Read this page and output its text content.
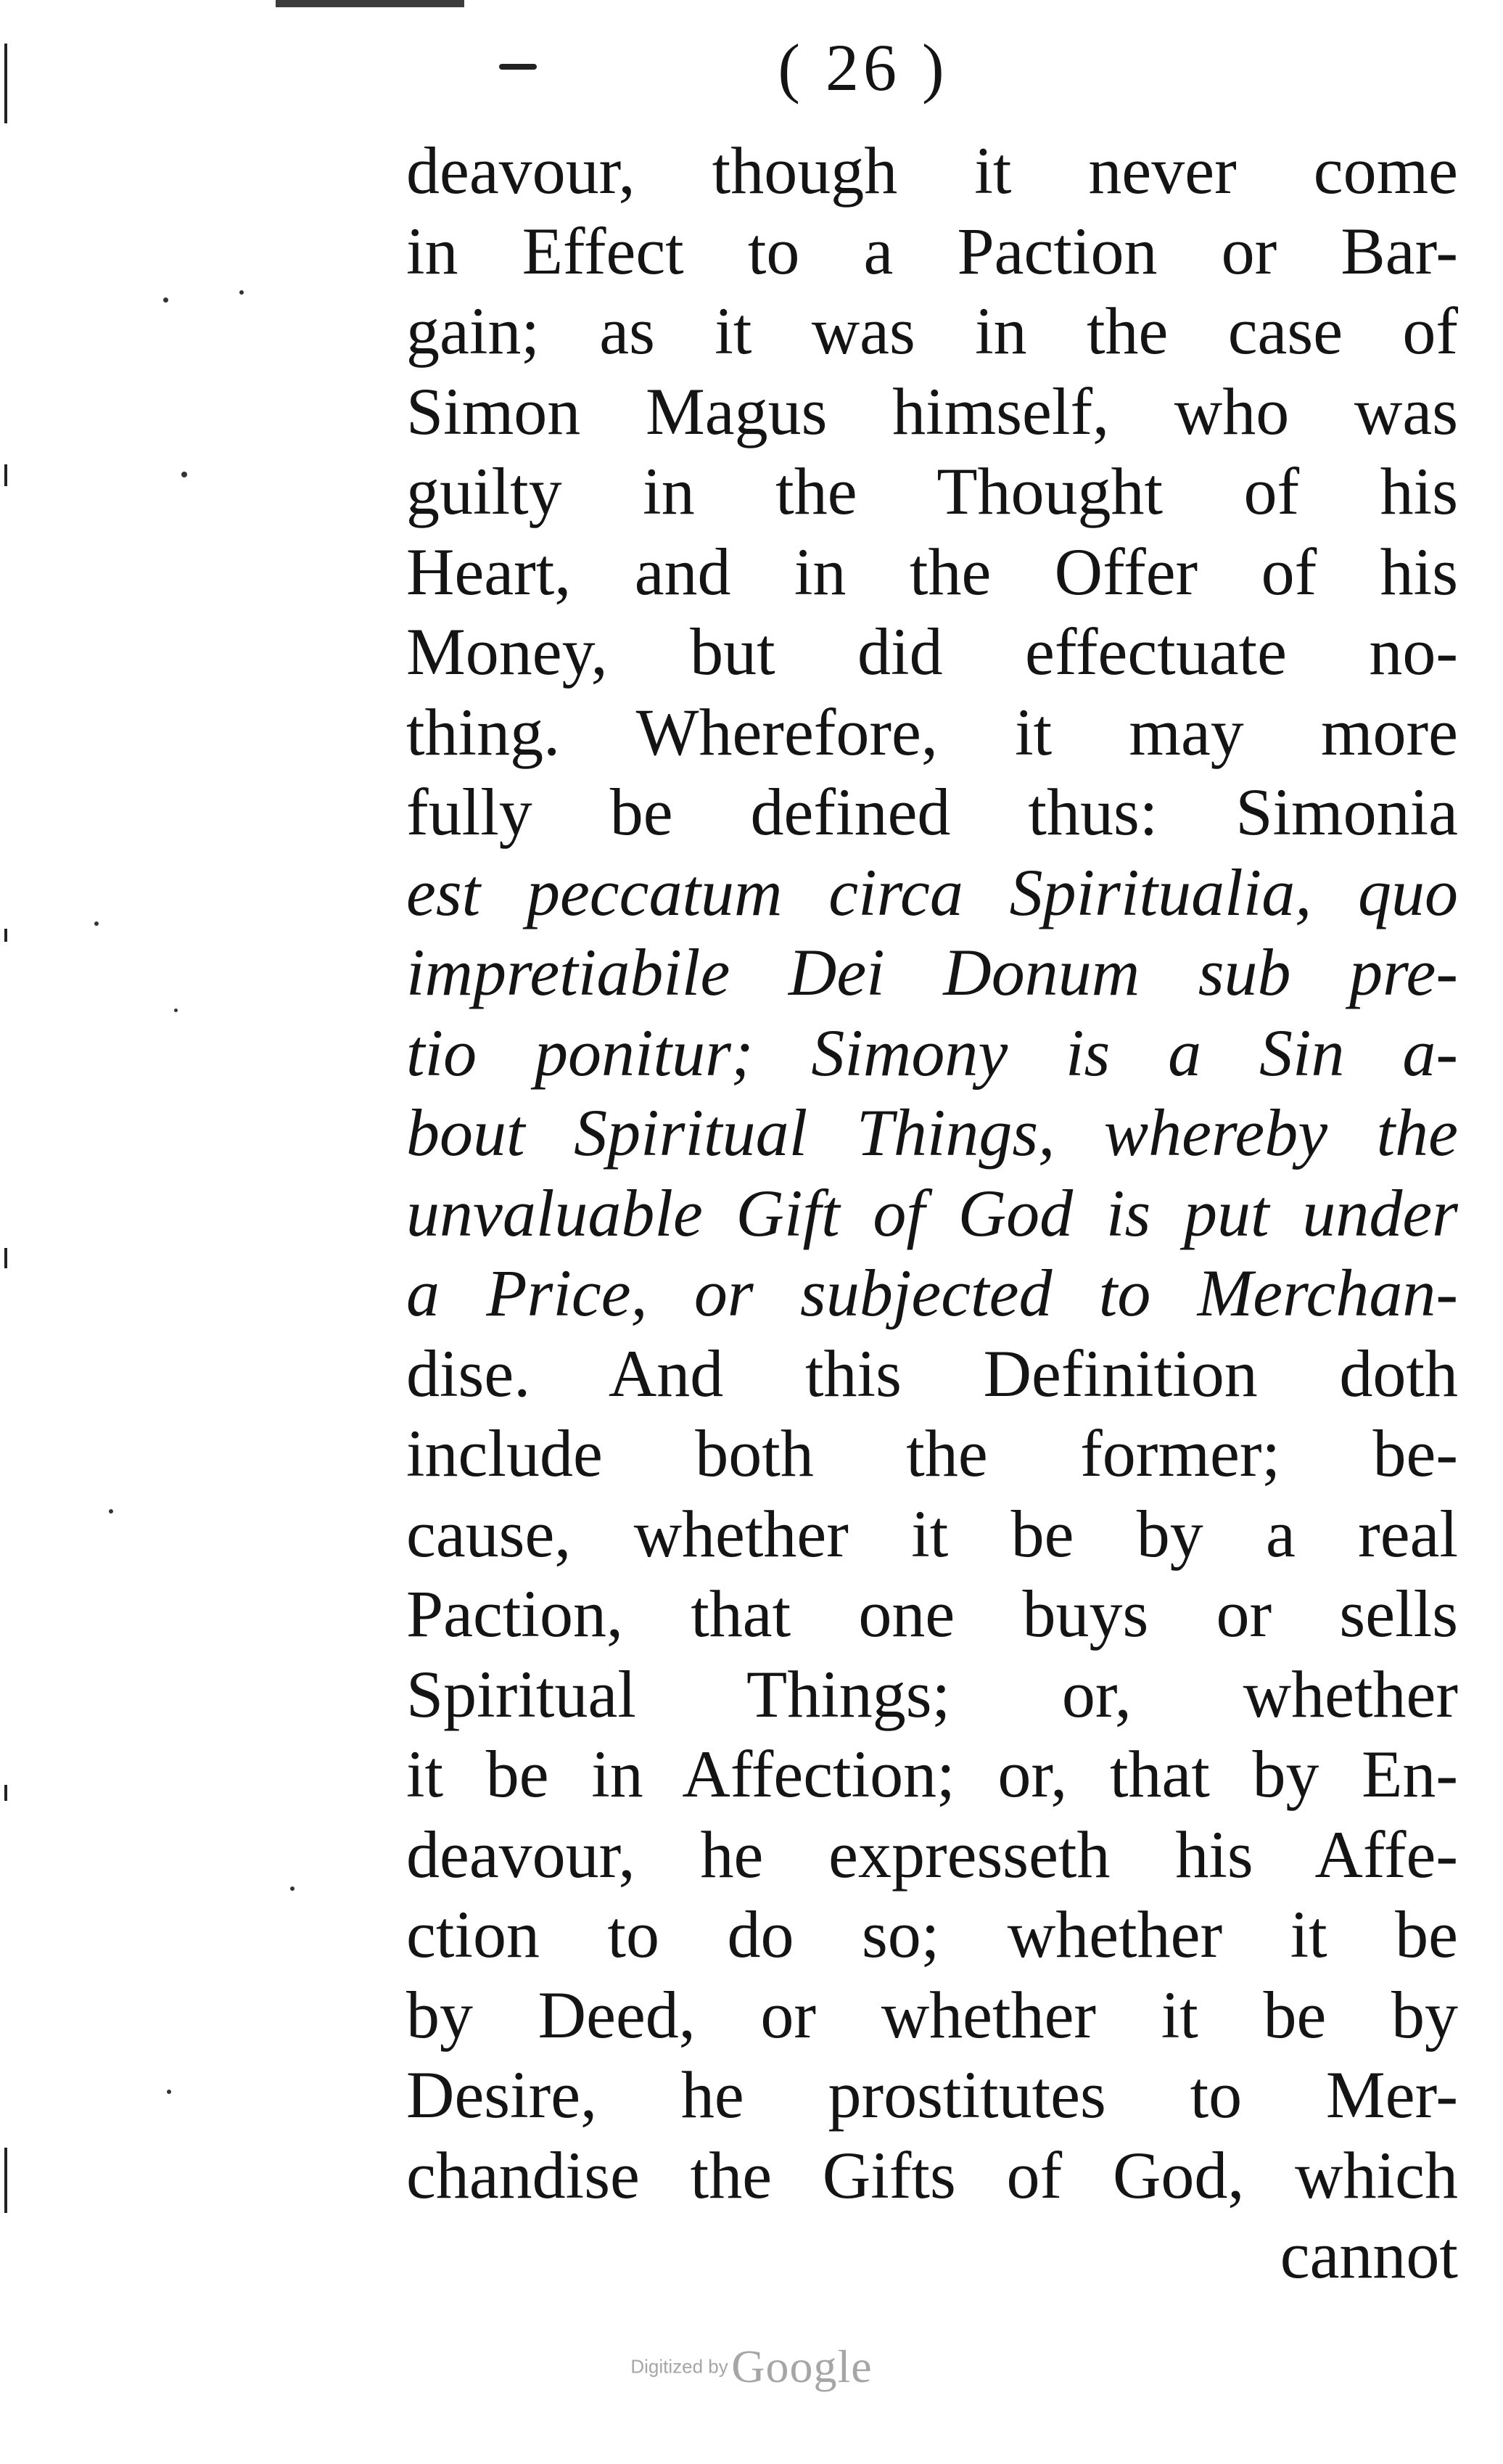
( 26 )
deavour, though it never come
in Effect to a Paction or Bar-
gain; as it was in the case of
Simon Magus himself, who was
guilty in the Thought of his
Heart, and in the Offer of his
Money, but did effectuate no-
thing. Wherefore, it may more
fully be defined thus: Simonia
est peccatum circa Spiritualia, quo
impretiabile Dei Donum sub pre-
tio ponitur; Simony is a Sin a-
bout Spiritual Things, whereby the
unvaluable Gift of God is put under
a Price, or subjected to Merchan-
dise. And this Definition doth
include both the former; be-
cause, whether it be by a real
Paction, that one buys or sells
Spiritual Things; or, whether
it be in Affection; or, that by En-
deavour, he expresseth his Affe-
ction to do so; whether it be
by Deed, or whether it be by
Desire, he prostitutes to Mer-
chandise the Gifts of God, which
cannot
Digitized by Google
